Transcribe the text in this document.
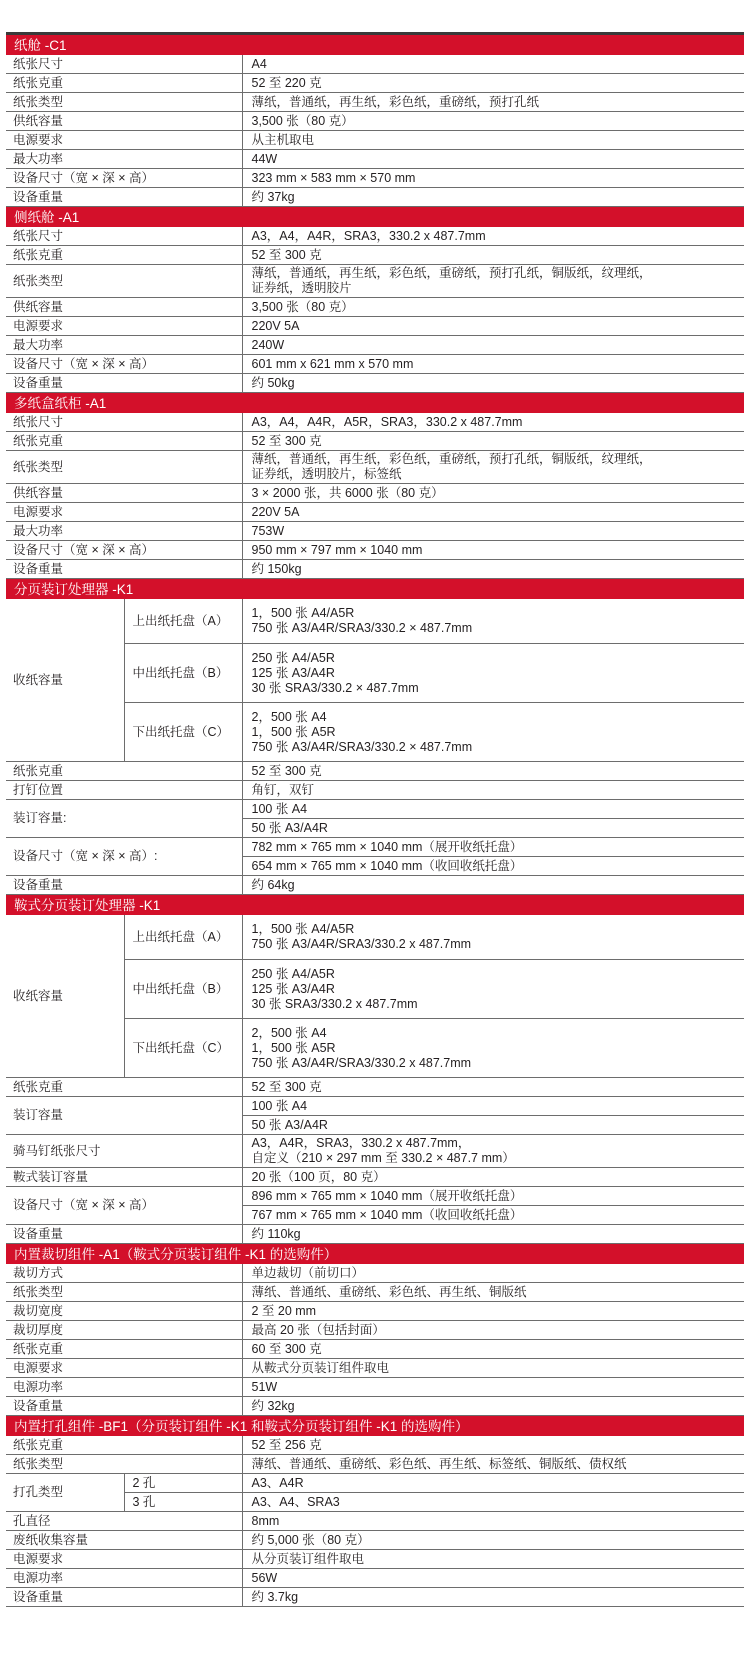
纸舱 -C1		
纸张尺寸		A4
纸张克重		52 至 220 克
纸张类型		薄纸，普通纸，再生纸，彩色纸，重磅纸，预打孔纸
供纸容量		3,500 张（80 克）
电源要求		从主机取电
最大功率		44W
设备尺寸（宽 × 深 × 高）		323 mm × 583 mm × 570 mm
设备重量		约 37kg
侧纸舱 -A1		
纸张尺寸		A3，A4，A4R，SRA3，330.2 x 487.7mm
纸张克重		52 至 300 克
纸张类型		薄纸，普通纸，再生纸，彩色纸，重磅纸，预打孔纸，铜版纸，纹理纸，
证券纸，透明胶片

供纸容量		3,500 张（80 克）
电源要求		220V 5A
最大功率		240W
设备尺寸（宽 × 深 × 高）		601 mm x 621 mm x 570 mm
设备重量		约 50kg
多纸盒纸柜 -A1		
纸张尺寸		A3，A4，A4R，A5R，SRA3，330.2 x 487.7mm
纸张克重		52 至 300 克
纸张类型		薄纸，普通纸，再生纸，彩色纸，重磅纸，预打孔纸，铜版纸，纹理纸，
证券纸，透明胶片，标签纸

供纸容量		3 × 2000 张，共 6000 张（80 克）
电源要求		220V 5A
最大功率		753W
设备尺寸（宽 × 深 × 高）		950 mm × 797 mm × 1040 mm
设备重量		约 150kg
分页装订处理器 -K1		
收纸容量	上出纸托盘（A）	1，500 张 A4/A5R
750 张 A3/A4R/SRA3/330.2 × 487.7mm

	中出纸托盘（B）	250 张 A4/A5R
125 张 A3/A4R
30 张 SRA3/330.2 × 487.7mm

	下出纸托盘（C）	2，500 张 A4
1，500 张 A5R
750 张 A3/A4R/SRA3/330.2 × 487.7mm

纸张克重		52 至 300 克
打钉位置		角钉，双钉
装订容量:		100 张 A4
		50 张 A3/A4R
设备尺寸（宽 × 深 × 高）:		782 mm × 765 mm × 1040 mm（展开收纸托盘）
		654 mm × 765 mm × 1040 mm（收回收纸托盘）
设备重量		约 64kg
鞍式分页装订处理器 -K1		
收纸容量	上出纸托盘（A）	1，500 张 A4/A5R
750 张 A3/A4R/SRA3/330.2 x 487.7mm

	中出纸托盘（B）	250 张 A4/A5R
125 张 A3/A4R
30 张 SRA3/330.2 x 487.7mm

	下出纸托盘（C）	2，500 张 A4
1，500 张 A5R
750 张 A3/A4R/SRA3/330.2 x 487.7mm

纸张克重		52 至 300 克
装订容量		100 张 A4
		50 张 A3/A4R
骑马钉纸张尺寸		A3，A4R，SRA3，330.2 x 487.7mm，
自定义（210 × 297 mm 至 330.2 × 487.7 mm）

鞍式装订容量		20 张（100 页，80 克）
设备尺寸（宽 × 深 × 高）		896 mm × 765 mm × 1040 mm（展开收纸托盘）
		767 mm × 765 mm × 1040 mm（收回收纸托盘）
设备重量		约 110kg
内置裁切组件 -A1（鞍式分页装订组件 -K1 的选购件）		
裁切方式		单边裁切（前切口）
纸张类型		薄纸、普通纸、重磅纸、彩色纸、再生纸、铜版纸
裁切宽度		2 至 20 mm
裁切厚度		最高 20 张（包括封面）
纸张克重		60 至 300 克
电源要求		从鞍式分页装订组件取电
电源功率		51W
设备重量		约 32kg
内置打孔组件 -BF1（分页装订组件 -K1 和鞍式分页装订组件 -K1 的选购件）		
纸张克重		52 至 256 克
纸张类型		薄纸、普通纸、重磅纸、彩色纸、再生纸、标签纸、铜版纸、债权纸
打孔类型	2 孔	A3、A4R
	3 孔	A3、A4、SRA3
孔直径		8mm
废纸收集容量		约 5,000 张（80 克）
电源要求		从分页装订组件取电
电源功率		56W
设备重量		约 3.7kg
